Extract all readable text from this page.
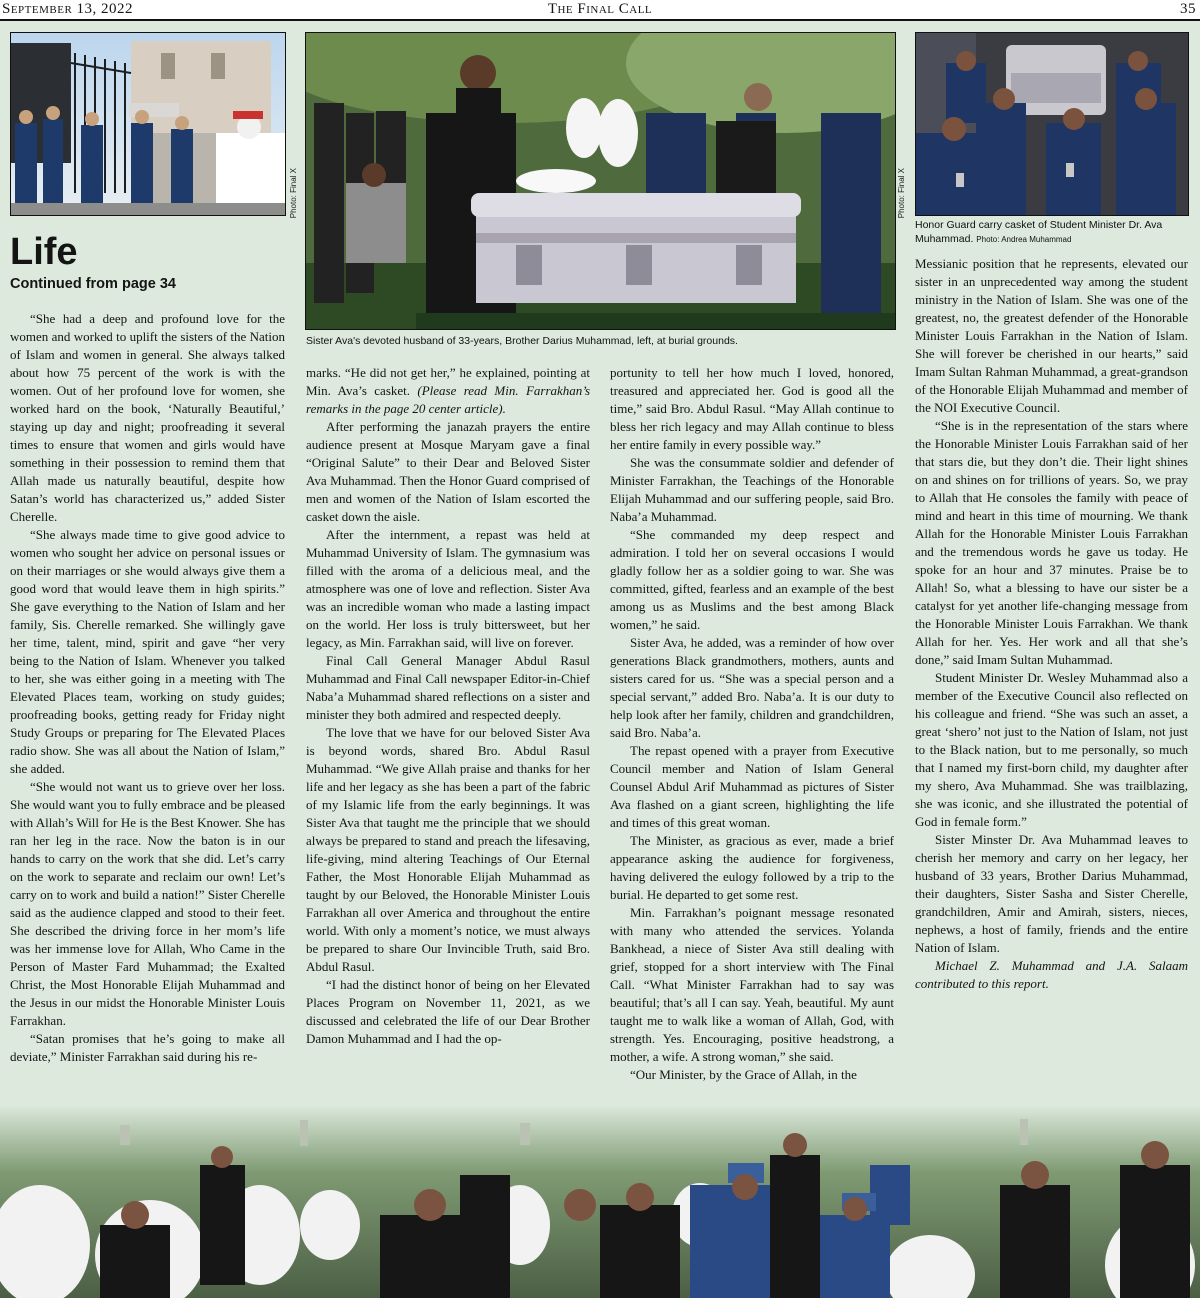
September 13, 2022	The Final Call	35
Photo: Final X	Photo: Final X
Sister Ava's devoted husband of 33-years, Brother Darius Muhammad, left, at burial grounds.
Honor Guard carry casket of Student Minister Dr. Ava Muhammad. Photo: Andrea Muhammad
Life
Continued from page 34

“She had a deep and profound love for the women and worked to uplift the sisters of the Nation of Islam and women in general. She always talked about how 75 percent of the work is with the women. Out of her profound love for women, she worked hard on the book, ‘Naturally Beautiful,’ staying up day and night; proofreading it several times to ensure that women and girls would have something in their possession to remind them that Allah made us naturally beautiful, despite how Satan’s world has characterized us,” added Sister Cherelle.

“She always made time to give good advice to women who sought her advice on personal issues or on their marriages or she would always give them a good word that would leave them in high spirits.” She gave everything to the Nation of Islam and her family, Sis. Cherelle remarked. She willingly gave her time, talent, mind, spirit and gave “her very being to the Nation of Islam. Whenever you talked to her, she was either going in a meeting with The Elevated Places team, working on study guides; proofreading books, getting ready for Friday night Study Groups or preparing for The Elevated Places radio show. She was all about the Nation of Islam,” she added.

“She would not want us to grieve over her loss. She would want you to fully embrace and be pleased with Allah’s Will for He is the Best Knower. She has ran her leg in the race. Now the baton is in our hands to carry on the work that she did. Let’s carry on the work to separate and reclaim our own! Let’s carry on to work and build a nation!” Sister Cherelle said as the audience clapped and stood to their feet. She described the driving force in her mom’s life was her immense love for Allah, Who Came in the Person of Master Fard Muhammad; the Exalted Christ, the Most Honorable Elijah Muhammad and the Jesus in our midst the Honorable Minister Louis Farrakhan.

“Satan promises that he’s going to make all deviate,” Minister Farrakhan said during his re-

marks. “He did not get her,” he explained, pointing at Min. Ava’s casket. (Please read Min. Farrakhan’s remarks in the page 20 center article).

After performing the janazah prayers the entire audience present at Mosque Maryam gave a final “Original Salute” to their Dear and Beloved Sister Ava Muhammad. Then the Honor Guard comprised of men and women of the Nation of Islam escorted the casket down the aisle.

After the internment, a repast was held at Muhammad University of Islam. The gymnasium was filled with the aroma of a delicious meal, and the atmosphere was one of love and reflection. Sister Ava was an incredible woman who made a lasting impact on the world. Her loss is truly bittersweet, but her legacy, as Min. Farrakhan said, will live on forever.

Final Call General Manager Abdul Rasul Muhammad and Final Call newspaper Editor-in-Chief Naba’a Muhammad shared reflections on a sister and minister they both admired and respected deeply.

The love that we have for our beloved Sister Ava is beyond words, shared Bro. Abdul Rasul Muhammad. “We give Allah praise and thanks for her life and her legacy as she has been a part of the fabric of my Islamic life from the early beginnings. It was Sister Ava that taught me the principle that we should always be prepared to stand and preach the lifesaving, life-giving, mind altering Teachings of Our Eternal Father, the Most Honorable Elijah Muhammad as taught by our Beloved, the Honorable Minister Louis Farrakhan all over America and throughout the entire world. With only a moment’s notice, we must always be prepared to share Our Invincible Truth, said Bro. Abdul Rasul.

“I had the distinct honor of being on her Elevated Places Program on November 11, 2021, as we discussed and celebrated the life of our Dear Brother Damon Muhammad and I had the op-

portunity to tell her how much I loved, honored, treasured and appreciated her. God is good all the time,” said Bro. Abdul Rasul. “May Allah continue to bless her rich legacy and may Allah continue to bless her entire family in every possible way.”

She was the consummate soldier and defender of Minister Farrakhan, the Teachings of the Honorable Elijah Muhammad and our suffering people, said Bro. Naba’a Muhammad.

“She commanded my deep respect and admiration. I told her on several occasions I would gladly follow her as a soldier going to war. She was committed, gifted, fearless and an example of the best among us as Muslims and the best among Black women,” he said.

Sister Ava, he added, was a reminder of how over generations Black grandmothers, mothers, aunts and sisters cared for us. “She was a special person and a special servant,” added Bro. Naba’a. It is our duty to help look after her family, children and grandchildren, said Bro. Naba’a.

The repast opened with a prayer from Executive Council member and Nation of Islam General Counsel Abdul Arif Muhammad as pictures of Sister Ava flashed on a giant screen, highlighting the life and times of this great woman.

The Minister, as gracious as ever, made a brief appearance asking the audience for forgiveness, having delivered the eulogy followed by a trip to the burial. He departed to get some rest.

Min. Farrakhan’s poignant message resonated with many who attended the services. Yolanda Bankhead, a niece of Sister Ava still dealing with grief, stopped for a short interview with The Final Call. “What Minister Farrakhan had to say was beautiful; that’s all I can say. Yeah, beautiful. My aunt taught me to walk like a woman of Allah, God, with strength. Yes. Encouraging, positive headstrong, a mother, a wife. A strong woman,” she said.

“Our Minister, by the Grace of Allah, in the

Messianic position that he represents, elevated our sister in an unprecedented way among the student ministry in the Nation of Islam. She was one of the greatest, no, the greatest defender of the Honorable Minister Louis Farrakhan in the Nation of Islam. She will forever be cherished in our hearts,” said Imam Sultan Rahman Muhammad, a great-grandson of the Honorable Elijah Muhammad and member of the NOI Executive Council.

“She is in the representation of the stars where the Honorable Minister Louis Farrakhan said of her that stars die, but they don’t die. Their light shines on and shines on for trillions of years. So, we pray to Allah that He consoles the family with peace of mind and heart in this time of mourning. We thank Allah for the Honorable Minister Louis Farrakhan and the tremendous words he gave us today. He spoke for an hour and 37 minutes. Praise be to Allah! So, what a blessing to have our sister be a catalyst for yet another life-changing message from the Honorable Minister Louis Farrakhan. We thank Allah for her. Yes. Her work and all that she’s done,” said Imam Sultan Muhammad.

Student Minister Dr. Wesley Muhammad also a member of the Executive Council also reflected on his colleague and friend. “She was such an asset, a great ‘shero’ not just to the Nation of Islam, not just to the Black nation, but to me personally, so much that I named my first-born child, my daughter after my shero, Ava Muhammad. She was trailblazing, she was iconic, and she illustrated the potential of God in female form.”

Sister Minster Dr. Ava Muhammad leaves to cherish her memory and carry on her legacy, her husband of 33 years, Brother Darius Muhammad, their daughters, Sister Sasha and Sister Cherelle, grandchildren, Amir and Amirah, sisters, nieces, nephews, a host of family, friends and the entire Nation of Islam.

Michael Z. Muhammad and J.A. Salaam contributed to this report.
